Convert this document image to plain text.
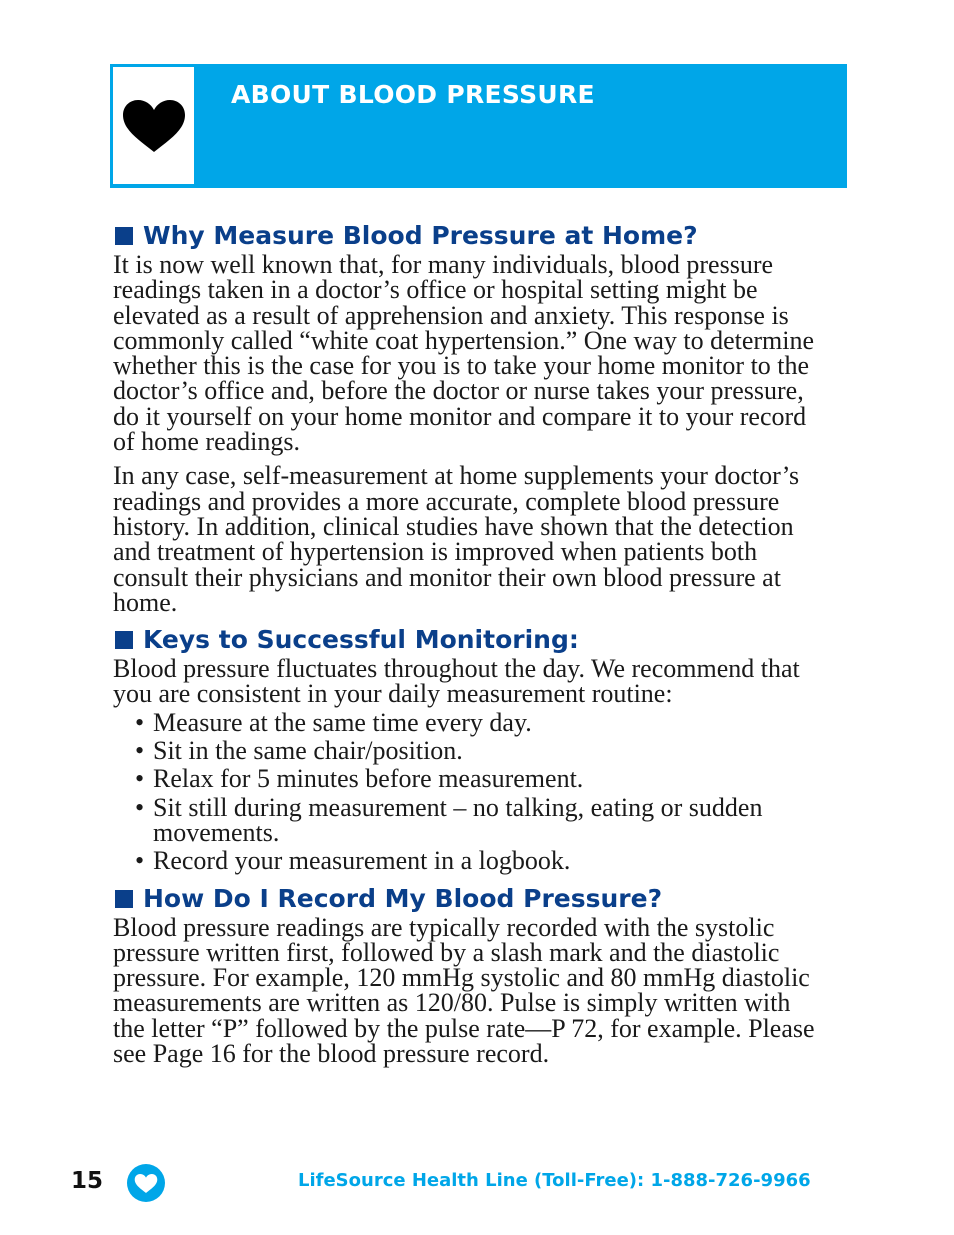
ABOUT BLOOD PRESSURE
Why Measure Blood Pressure at Home?

It is now well known that, for many individuals, blood pressure readings taken in a doctor’s office or hospital setting might be elevated as a result of apprehension and anxiety. This response is commonly called “white coat hypertension.” One way to determine whether this is the case for you is to take your home monitor to the doctor’s office and, before the doctor or nurse takes your pressure, do it yourself on your home monitor and compare it to your record of home readings.

In any case, self-measurement at home supplements your doctor’s readings and provides a more accurate, complete blood pressure history. In addition, clinical studies have shown that the detection and treatment of hypertension is improved when patients both consult their physicians and monitor their own blood pressure at home.

Keys to Successful Monitoring:

Blood pressure fluctuates throughout the day. We recommend that you are consistent in your daily measurement routine:

• Measure at the same time every day.
• Sit in the same chair/position.
• Relax for 5 minutes before measurement.
• Sit still during measurement – no talking, eating or sudden movements.
• Record your measurement in a logbook.
How Do I Record My Blood Pressure?

Blood pressure readings are typically recorded with the systolic pressure written first, followed by a slash mark and the diastolic pressure. For example, 120 mmHg systolic and 80 mmHg diastolic measurements are written as 120/80. Pulse is simply written with the letter “P” followed by the pulse rate—P 72, for example. Please see Page 16 for the blood pressure record.

15	LifeSource Health Line (Toll-Free): 1-888-726-9966
